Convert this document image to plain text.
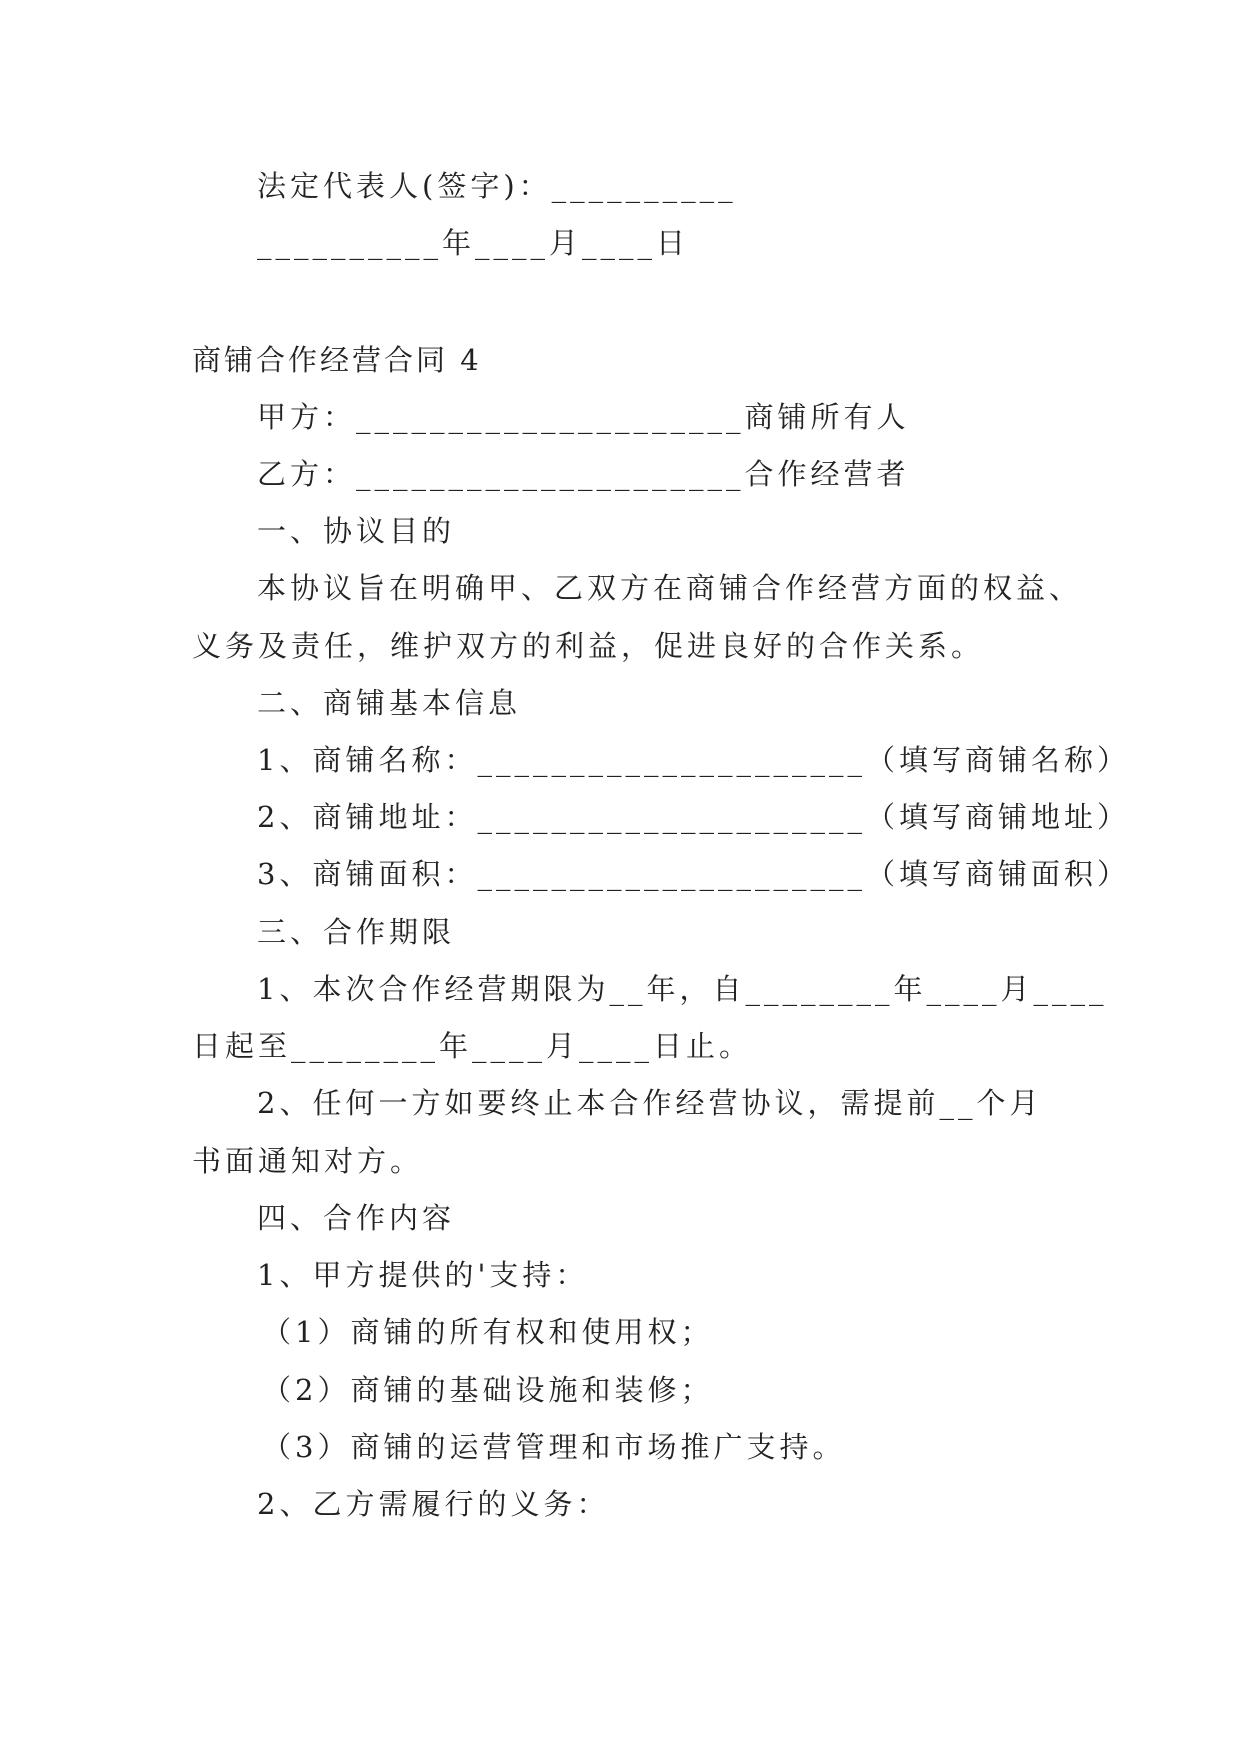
法定代表人(签字)：__________
__________年____月____日
商铺合作经营合同 4
甲方：_____________________商铺所有人
乙方：_____________________合作经营者
一、协议目的
本协议旨在明确甲、乙双方在商铺合作经营方面的权益、
义务及责任，维护双方的利益，促进良好的合作关系。
二、商铺基本信息
1、商铺名称：_____________________（填写商铺名称）
2、商铺地址：_____________________（填写商铺地址）
3、商铺面积：_____________________（填写商铺面积）
三、合作期限
1、本次合作经营期限为__年，自________年____月____
日起至________年____月____日止。
2、任何一方如要终止本合作经营协议，需提前__个月
书面通知对方。
四、合作内容
1、甲方提供的'支持：
（1）商铺的所有权和使用权；
（2）商铺的基础设施和装修；
（3）商铺的运营管理和市场推广支持。
2、乙方需履行的义务：
